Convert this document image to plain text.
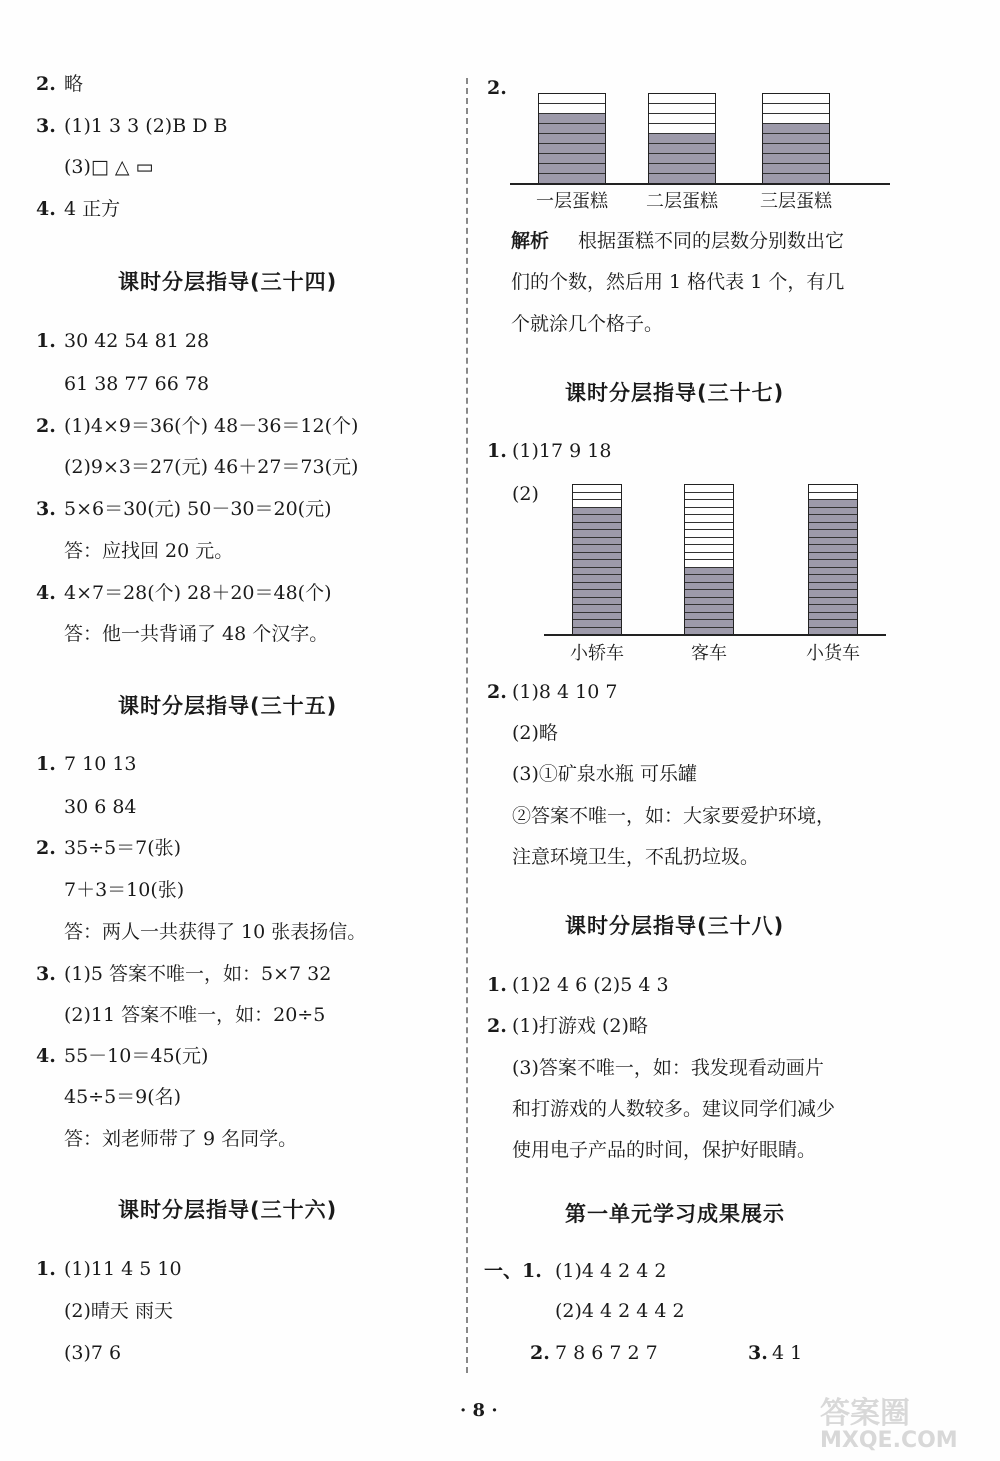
2. 略
3. (1)1 3 3 (2)B D B
(3)□ △ ▭
4. 4 正方
课时分层指导(三十四)
1. 30 42 54 81 28
61 38 77 66 78
2. (1)4×9＝36(个) 48－36＝12(个)
(2)9×3＝27(元) 46＋27＝73(元)
3. 5×6＝30(元) 50－30＝20(元)
答：应找回 20 元。
4. 4×7＝28(个) 28＋20＝48(个)
答：他一共背诵了 48 个汉字。
课时分层指导(三十五)
1. 7 10 13
30 6 84
2. 35÷5＝7(张)
7＋3＝10(张)
答：两人一共获得了 10 张表扬信。
3. (1)5 答案不唯一，如：5×7 32
(2)11 答案不唯一，如：20÷5
4. 55－10＝45(元)
45÷5＝9(名)
答：刘老师带了 9 名同学。
课时分层指导(三十六)
1. (1)11 4 5 10
(2)晴天 雨天
(3)7 6
2.
一层蛋糕 二层蛋糕 三层蛋糕
解析 根据蛋糕不同的层数分别数出它
们的个数，然后用 1 格代表 1 个，有几
个就涂几个格子。
课时分层指导(三十七)
1. (1)17 9 18
(2)
小轿车	客车	小货车
2. (1)8 4 10 7
(2)略
(3)①矿泉水瓶 可乐罐
②答案不唯一，如：大家要爱护环境，
注意环境卫生，不乱扔垃圾。
课时分层指导(三十八)
1. (1)2 4 6 (2)5 4 3
2. (1)打游戏 (2)略
(3)答案不唯一，如：我发现看动画片
和打游戏的人数较多。建议同学们减少
使用电子产品的时间，保护好眼睛。
第一单元学习成果展示
一、1. (1)4 4 2 4 2
(2)4 4 2 4 4 2
2. 7 8 6 7 2 7	3. 4 1
· 8 ·	答案圈
MXQE.COM
